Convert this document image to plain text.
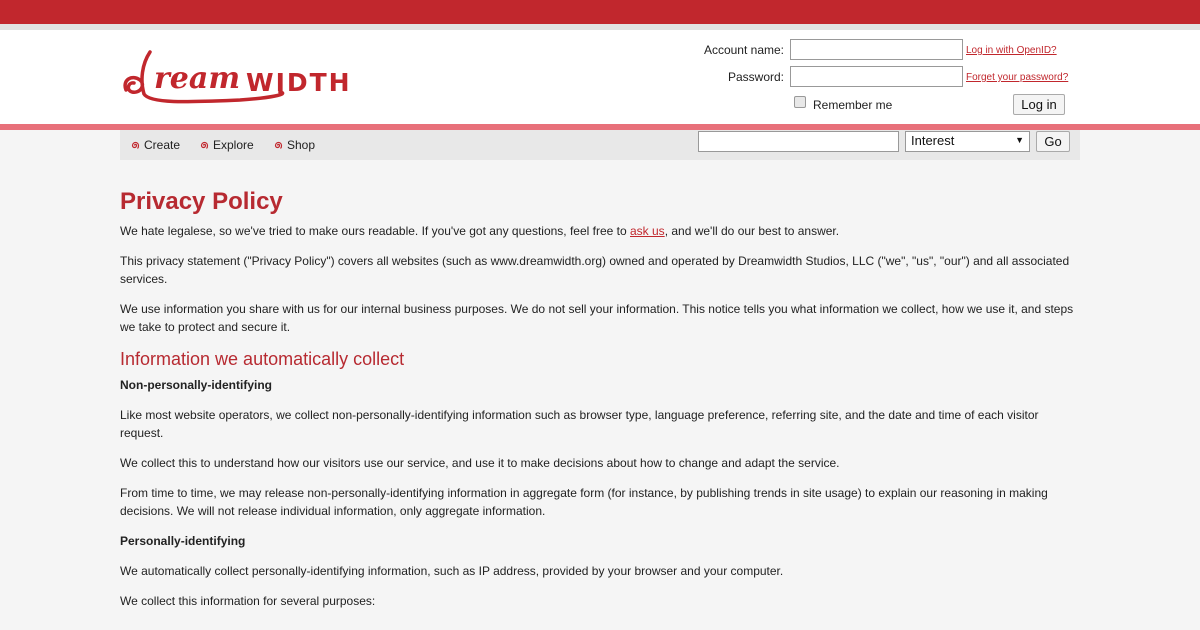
ream WIDTH
Account name:	Log in with OpenID?
Password:	Forget your password?
Remember me	Log in
Create	Explore	Shop	Interest	▼	Go
Privacy Policy

We hate legalese, so we've tried to make ours readable. If you've got any questions, feel free to ask us, and we'll do our best to answer.

This privacy statement ("Privacy Policy") covers all websites (such as www.dreamwidth.org) owned and operated by Dreamwidth Studios, LLC ("we", "us", "our") and all associated services.

We use information you share with us for our internal business purposes. We do not sell your information. This notice tells you what information we collect, how we use it, and steps we take to protect and secure it.

Information we automatically collect

Non-personally-identifying

Like most website operators, we collect non-personally-identifying information such as browser type, language preference, referring site, and the date and time of each visitor request.

We collect this to understand how our visitors use our service, and use it to make decisions about how to change and adapt the service.

From time to time, we may release non-personally-identifying information in aggregate form (for instance, by publishing trends in site usage) to explain our reasoning in making decisions. We will not release individual information, only aggregate information.

Personally-identifying

We automatically collect personally-identifying information, such as IP address, provided by your browser and your computer.

We collect this information for several purposes:
